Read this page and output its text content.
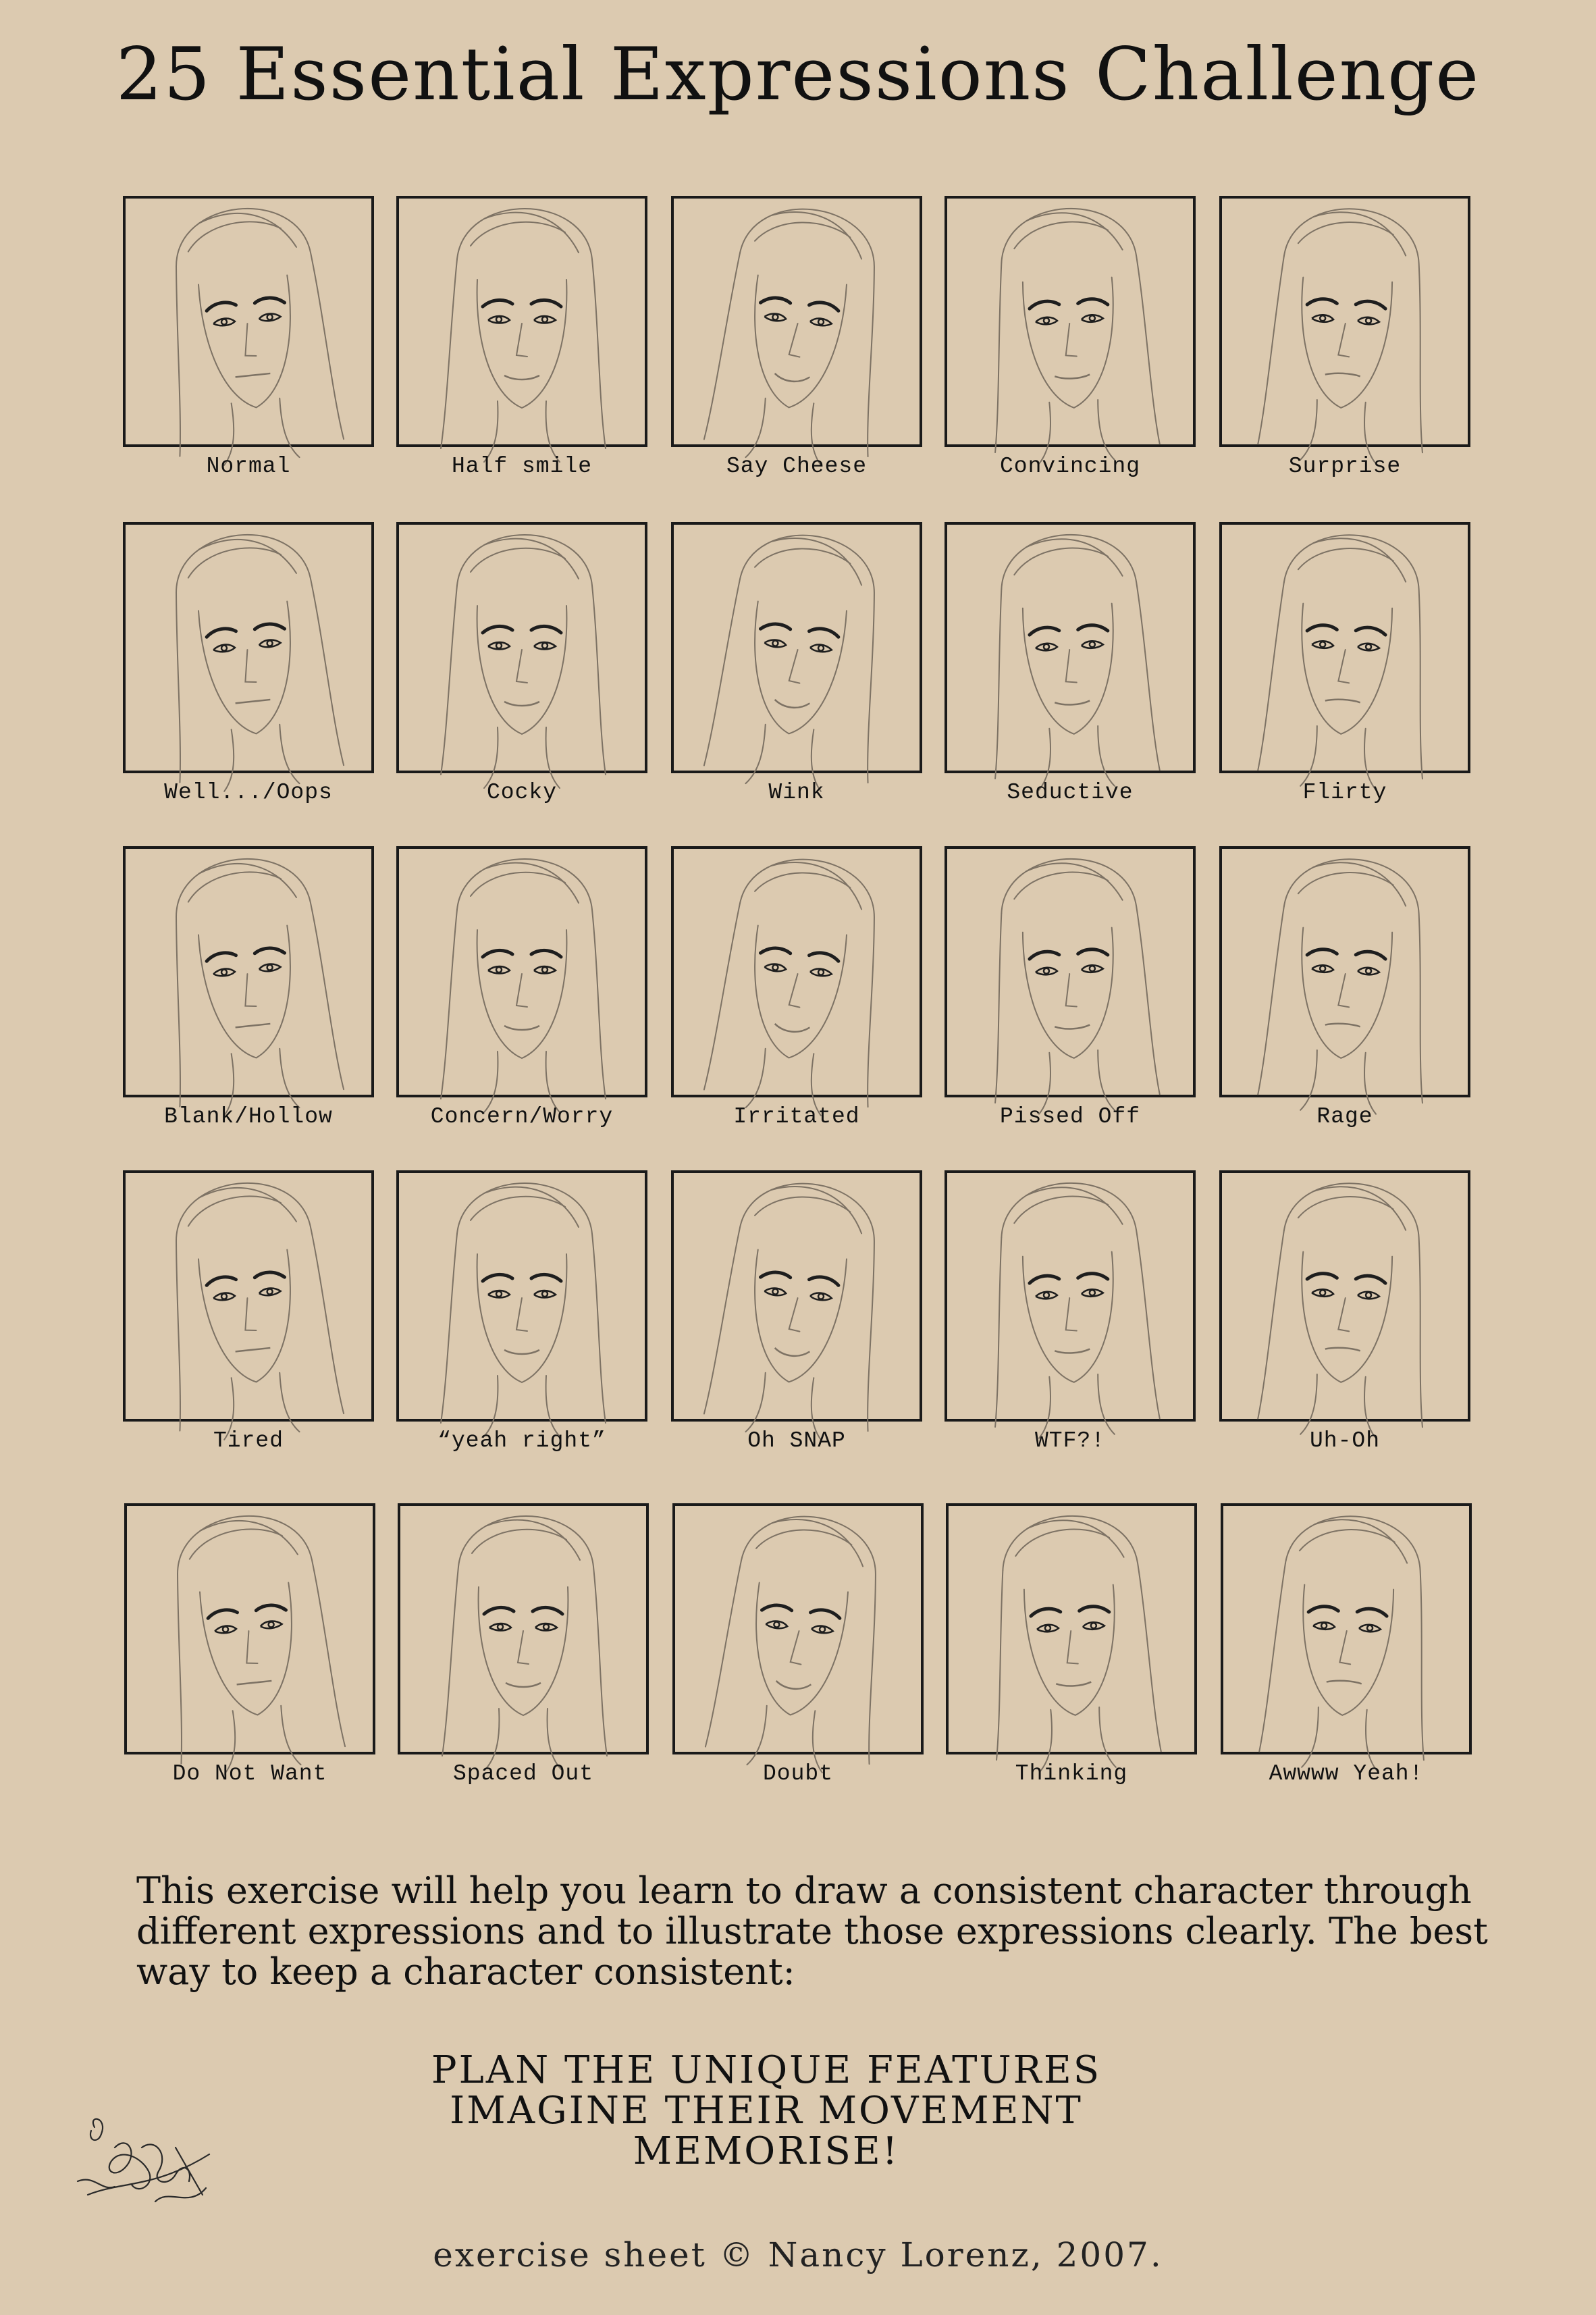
25 Essential Expressions Challenge
Normal	Half smile	Say Cheese	Convincing	Surprise
Well.../Oops	Cocky	Wink	Seductive	Flirty
Blank/Hollow	Concern/Worry	Irritated	Pissed Off	Rage
Tired	“yeah right”	Oh SNAP	WTF?!	Uh-Oh
Do Not Want	Spaced Out	Doubt	Thinking	Awwww Yeah!
This exercise will help you learn to draw a consistent character through different expressions and to illustrate those expressions clearly. The best way to keep a character consistent:
PLAN THE UNIQUE FEATURES
IMAGINE THEIR MOVEMENT
MEMORISE!
exercise sheet © Nancy Lorenz, 2007.
